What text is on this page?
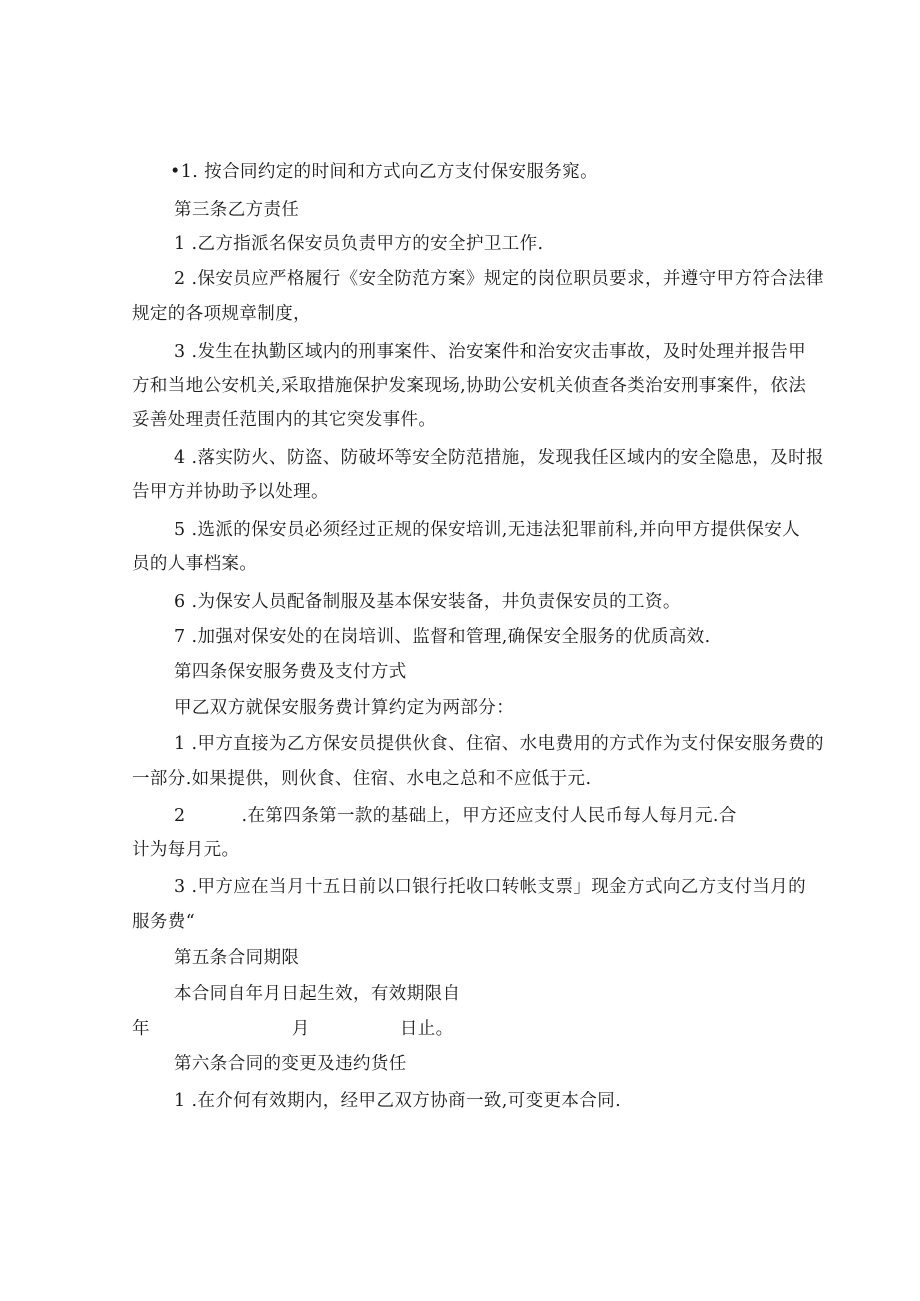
•1. 按合同约定的时间和方式向乙方支付保安服务窕。
第三条乙方责任
1 .乙方指派名保安员负责甲方的安全护卫工作.
2 .保安员应严格履行《安全防范方案》规定的岗位职员要求，并遵守甲方符合法律
规定的各项规章制度，
3 .发生在执勤区域内的刑事案件、治安案件和治安灾击事故，及时处理并报告甲
方和当地公安机关,采取措施保护发案现场,协助公安机关侦查各类治安刑事案件，依法
妥善处理责任范围内的其它突发事件。
4 .落实防火、防盗、防破坏等安全防范措施，发现我任区域内的安全隐患，及时报
告甲方并协助予以处理。
5 .选派的保安员必须经过正规的保安培训,无违法犯罪前科,并向甲方提供保安人
员的人事档案。
6 .为保安人员配备制服及基本保安装备，井负责保安员的工资。
7 .加强对保安处的在岗培训、监督和管理,确保安全服务的优质高效.
第四条保安服务费及支付方式
甲乙双方就保安服务费计算约定为两部分：
1 .甲方直接为乙方保安员提供伙食、住宿、水电费用的方式作为支付保安服务费的
一部分.如果提供，则伙食、住宿、水电之总和不应低于元.
2	.在第四条第一款的基础上，甲方还应支付人民币每人每月元.合
计为每月元。
3 .甲方应在当月十五日前以口银行托收口转帐支票」现金方式向乙方支付当月的
服务费“
第五条合同期限
本合同自年月日起生效，有效期限自
年	月	日止。
第六条合同的变更及违约货任
1 .在介何有效期内，经甲乙双方协商一致,可变更本合同.
